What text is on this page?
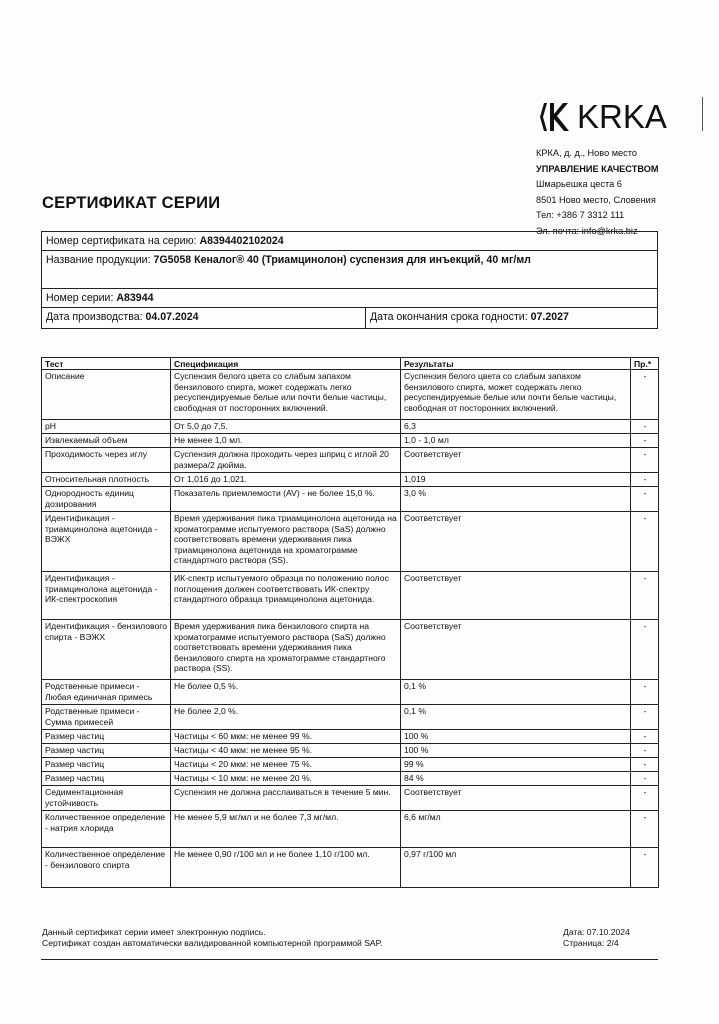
KRKA
КРКА, д. д., Ново место
УПРАВЛЕНИЕ КАЧЕСТВОМ
Шмарьешка цеста 6
8501 Ново место, Словения
Тел: +386 7 3312 111
Эл. почта: info@krka.biz
СЕРТИФИКАТ СЕРИИ
Номер сертификата на серию: A8394402102024
Название продукции: 7G5058 Кеналог® 40 (Триамцинолон) суспензия для инъекций, 40 мг/мл
Номер серии: A83944
Дата производства: 04.07.2024	Дата окончания срока годности: 07.2027
Тест	Спецификация	Результаты	Пр.*
Описание	Суспензия белого цвета со слабым запахом бензилового спирта, может содержать легко ресуспендируемые белые или почти белые частицы, свободная от посторонних включений.	Суспензия белого цвета со слабым запахом бензилового спирта, может содержать легко ресуспендируемые белые или почти белые частицы, свободная от посторонних включений.	-
pH	От 5,0 до 7,5.	6,3	-
Извлекаемый объем	Не менее 1,0 мл.	1,0 - 1,0 мл	-
Проходимость через иглу	Суспензия должна проходить через шприц с иглой 20 размера/2 дюйма.	Соответствует	-
Относительная плотность	От 1,016 до 1,021.	1,019	-
Однородность единиц дозирования	Показатель приемлемости (AV) - не более 15,0 %.	3,0 %	-
Идентификация - триамцинолона ацетонида - ВЭЖХ	Время удерживания пика триамцинолона ацетонида на хроматограмме испытуемого раствора (SaS) должно соответствовать времени удерживания пика триамцинолона ацетонида на хроматограмме стандартного раствора (SS).	Соответствует	-
Идентификация - триамцинолона ацетонида - ИК-спектроскопия	ИК-спектр испытуемого образца по положению полос поглощения должен соответствовать ИК-спектру стандартного образца триамцинолона ацетонида.	Соответствует	-
Идентификация - бензилового спирта - ВЭЖХ	Время удерживания пика бензилового спирта на хроматограмме испытуемого раствора (SaS) должно соответствовать времени удерживания пика бензилового спирта на хроматограмме стандартного раствора (SS).	Соответствует	-
Родственные примеси - Любая единичная примесь	Не более 0,5 %.	0,1 %	-
Родственные примеси - Сумма примесей	Не более 2,0 %.	0,1 %	-
Размер частиц	Частицы < 60 мкм: не менее 99 %.	100 %	-
Размер частиц	Частицы < 40 мкм: не менее 95 %.	100 %	-
Размер частиц	Частицы < 20 мкм: не менее 75 %.	99 %	-
Размер частиц	Частицы < 10 мкм: не менее 20 %.	84 %	-
Седиментационная устойчивость	Суспензия не должна расслаиваться в течение 5 мин.	Соответствует	-
Количественное определение - натрия хлорида	Не менее 5,9 мг/мл и не более 7,3 мг/мл.	6,6 мг/мл	-
Количественное определение - бензилового спирта	Не менее 0,90 г/100 мл и не более 1,10 г/100 мл.	0,97 г/100 мл	-
Данный сертификат серии имеет электронную подпись.
Сертификат создан автоматически валидированной компьютерной программой SAP.
Дата: 07.10.2024
Страница: 2/4
